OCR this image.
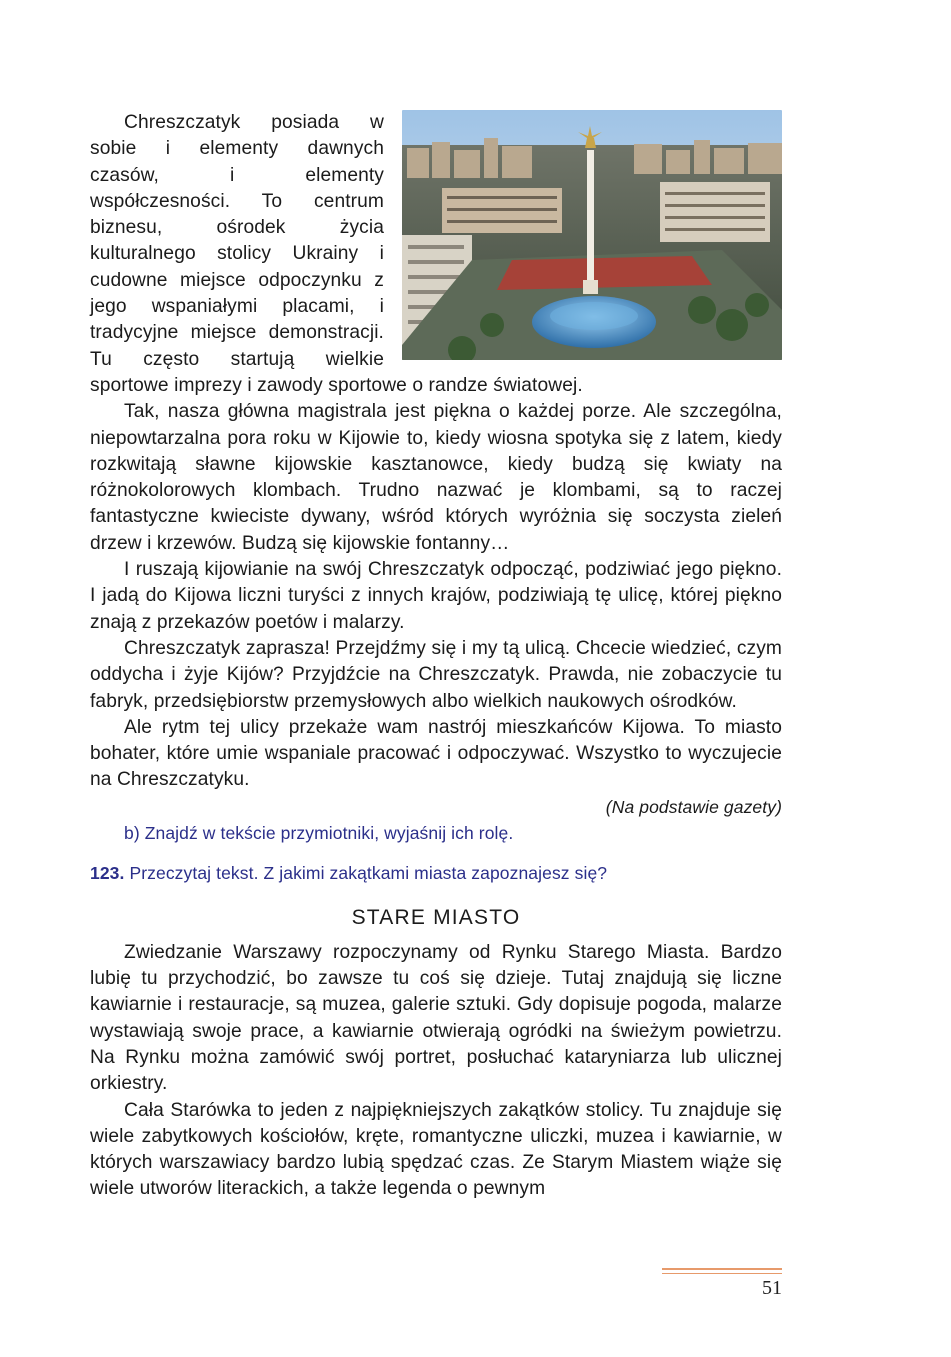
Chreszczatyk posiada w sobie i elementy dawnych czasów, i elementy współczesności. To centrum biznesu, ośrodek życia kulturalnego stolicy Ukrainy i cudowne miejsce odpoczynku z jego wspaniałymi placami, i tradycyjne miejsce demonstracji. Tu często startują wielkie sportowe imprezy i zawody sportowe o randze światowej.

Tak, nasza główna magistrala jest piękna o każdej porze. Ale szczególna, niepowtarzalna pora roku w Kijowie to, kiedy wiosna spotyka się z latem, kiedy rozkwitają sławne kijowskie kasztanowce, kiedy budzą się kwiaty na różnokolorowych klombach. Trudno nazwać je klombami, są to raczej fantastyczne kwieciste dywany, wśród których wyróżnia się soczysta zieleń drzew i krzewów. Budzą się kijowskie fontanny…

I ruszają kijowianie na swój Chreszczatyk odpocząć, podziwiać jego piękno. I jadą do Kijowa liczni turyści z innych krajów, podziwiają tę ulicę, której piękno znają z przekazów poetów i malarzy.

Chreszczatyk zaprasza! Przejdźmy się i my tą ulicą. Chcecie wiedzieć, czym oddycha i żyje Kijów? Przyjdźcie na Chreszczatyk. Prawda, nie zobaczycie tu fabryk, przedsiębiorstw przemysłowych albo wielkich naukowych ośrodków.

Ale rytm tej ulicy przekaże wam nastrój mieszkańców Kijowa. To miasto bohater, które umie wspaniale pracować i odpoczywać. Wszystko to wyczujecie na Chreszczatyku.

(Na podstawie gazety)

b) Znajdź w tekście przymiotniki, wyjaśnij ich rolę.

123. Przeczytaj tekst. Z jakimi zakątkami miasta zapoznajesz się?

STARE MIASTO

Zwiedzanie Warszawy rozpoczynamy od Rynku Starego Miasta. Bardzo lubię tu przychodzić, bo zawsze tu coś się dzieje. Tutaj znajdują się liczne kawiarnie i restauracje, są muzea, galerie sztuki. Gdy dopisuje pogoda, malarze wystawiają swoje prace, a kawiarnie otwierają ogródki na świeżym powietrzu. Na Rynku można zamówić swój portret, posłuchać kataryniarza lub ulicznej orkiestry.

Cała Starówka to jeden z najpiękniejszych zakątków stolicy. Tu znajduje się wiele zabytkowych kościołów, kręte, romantyczne uliczki, muzea i kawiarnie, w których warszawiacy bardzo lubią spędzać czas. Ze Starym Miastem wiąże się wiele utworów literackich, a także legenda o pewnym

51
